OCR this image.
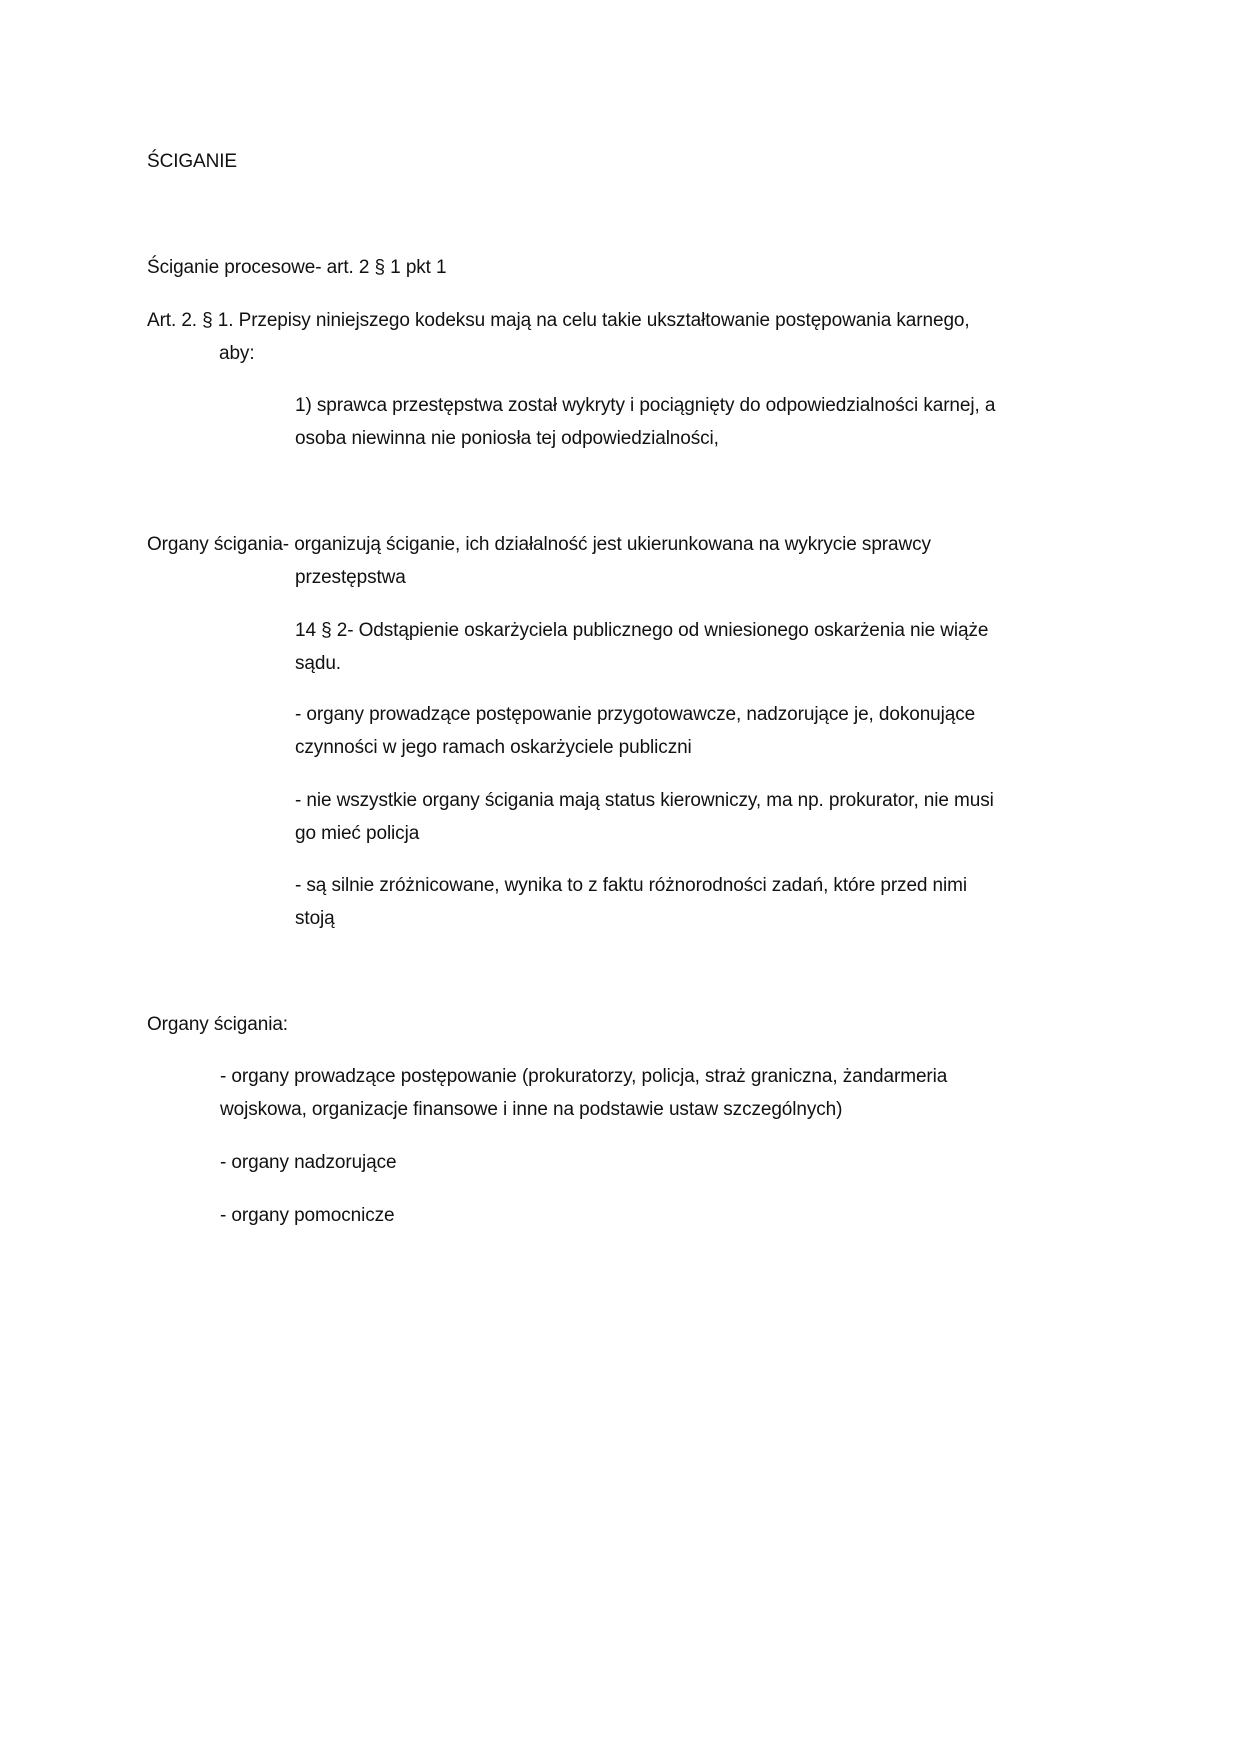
ŚCIGANIE
Ściganie procesowe- art. 2 § 1 pkt 1
Art. 2. § 1. Przepisy niniejszego kodeksu mają na celu takie ukształtowanie postępowania karnego,
aby:
1) sprawca przestępstwa został wykryty i pociągnięty do odpowiedzialności karnej, a
osoba niewinna nie poniosła tej odpowiedzialności,
Organy ścigania- organizują ściganie, ich działalność jest ukierunkowana na wykrycie sprawcy
przestępstwa
14 § 2- Odstąpienie oskarżyciela publicznego od wniesionego oskarżenia nie wiąże
sądu.
- organy prowadzące postępowanie przygotowawcze, nadzorujące je, dokonujące
czynności w jego ramach oskarżyciele publiczni
- nie wszystkie organy ścigania mają status kierowniczy, ma np. prokurator, nie musi
go mieć policja
- są silnie zróżnicowane, wynika to z faktu różnorodności zadań, które przed nimi
stoją
Organy ścigania:
- organy prowadzące postępowanie (prokuratorzy, policja, straż graniczna, żandarmeria
wojskowa, organizacje finansowe i inne na podstawie ustaw szczególnych)
- organy nadzorujące
- organy pomocnicze
